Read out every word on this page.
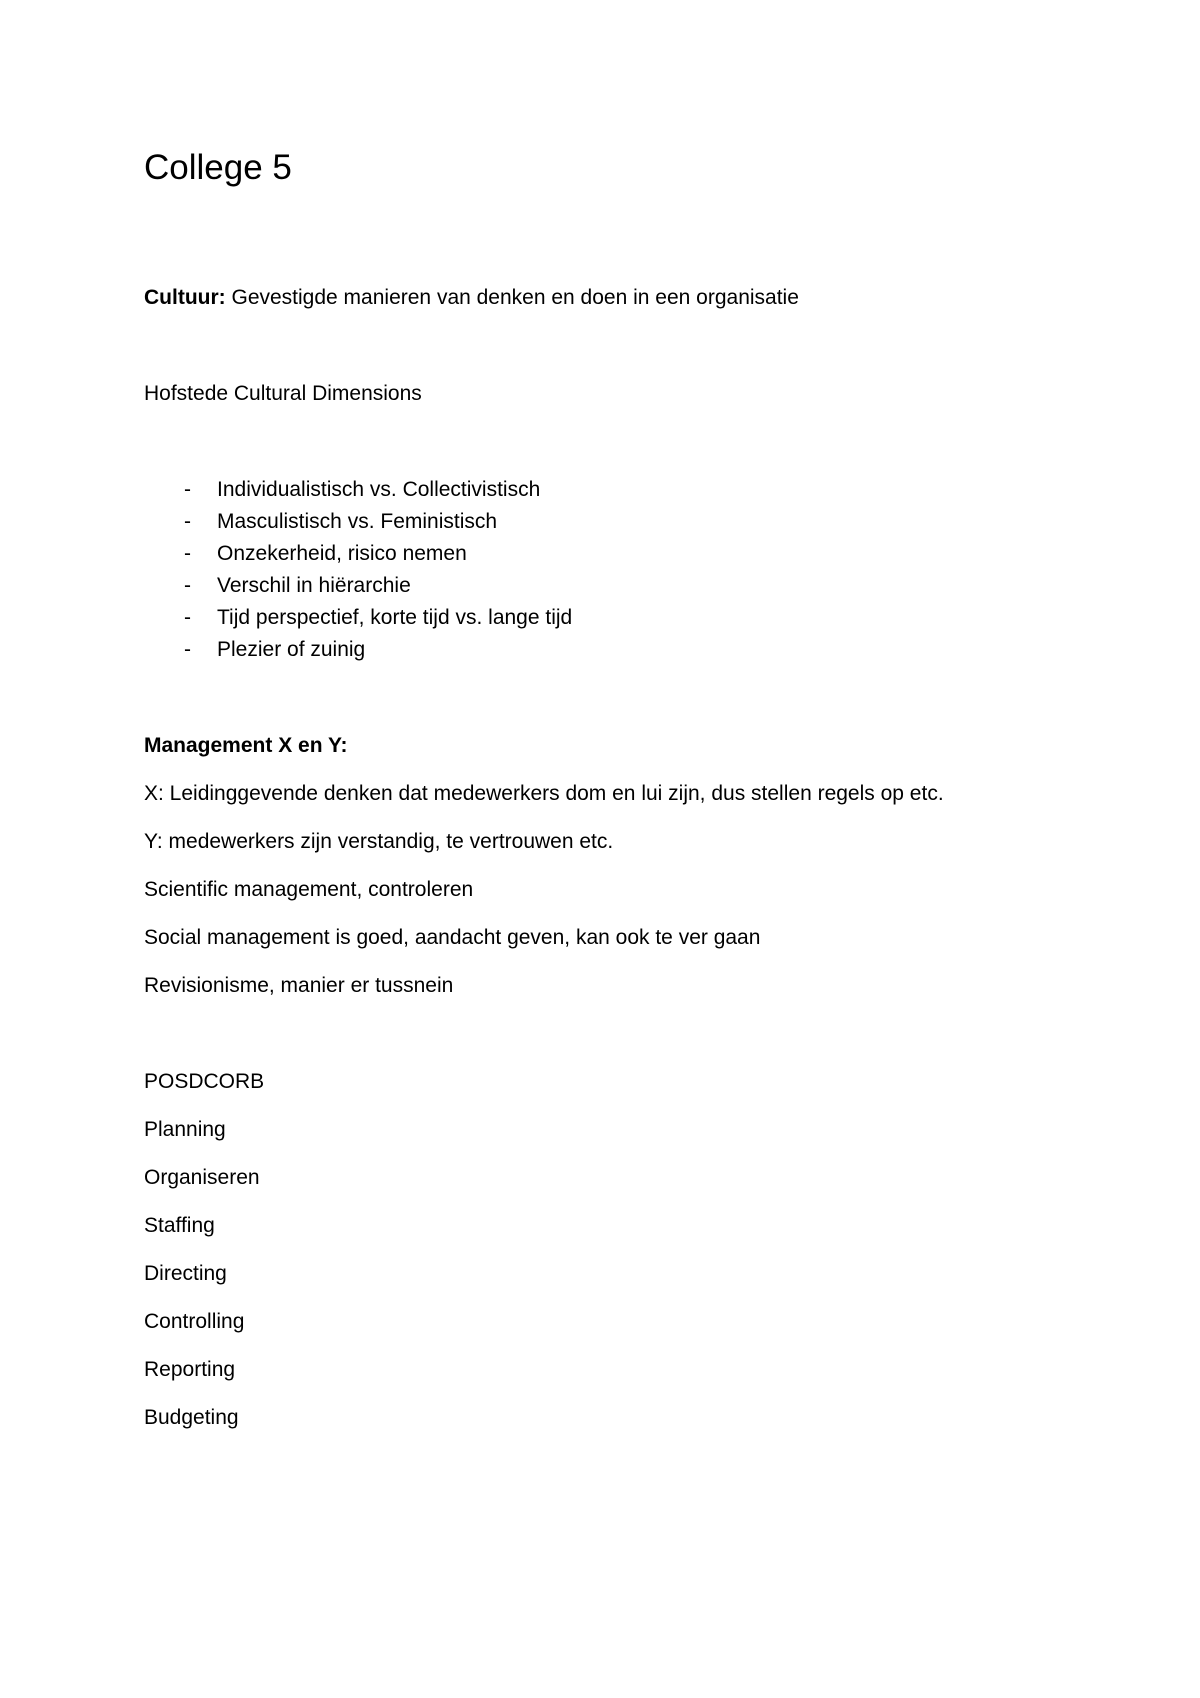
College 5
Cultuur: Gevestigde manieren van denken en doen in een organisatie
Hofstede Cultural Dimensions
- Individualistisch vs. Collectivistisch
- Masculistisch vs. Feministisch
- Onzekerheid, risico nemen
- Verschil in hiërarchie
- Tijd perspectief, korte tijd vs. lange tijd
- Plezier of zuinig
Management X en Y:
X: Leidinggevende denken dat medewerkers dom en lui zijn, dus stellen regels op etc.
Y: medewerkers zijn verstandig, te vertrouwen etc.
Scientific management, controleren
Social management is goed, aandacht geven, kan ook te ver gaan
Revisionisme, manier er tussnein
POSDCORB
Planning
Organiseren
Staffing
Directing
Controlling
Reporting
Budgeting
